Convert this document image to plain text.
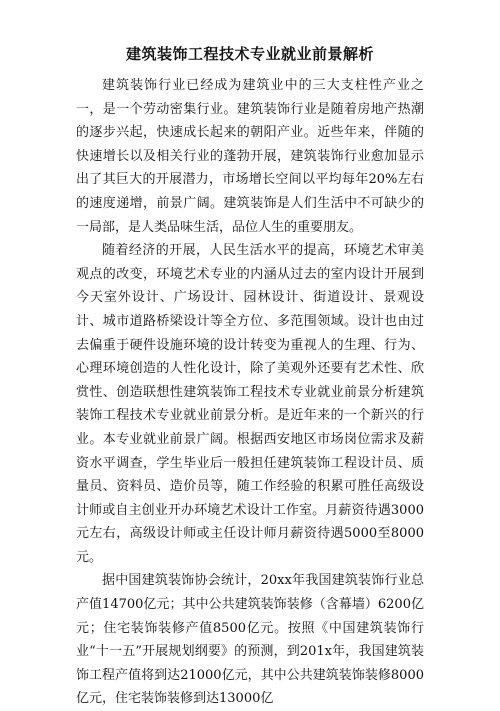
建筑装饰工程技术专业就业前景解析

建筑装饰行业已经成为建筑业中的三大支柱性产业之一，是一个劳动密集行业。建筑装饰行业是随着房地产热潮的逐步兴起，快速成长起来的朝阳产业。近些年来，伴随的快速增长以及相关行业的蓬勃开展，建筑装饰行业愈加显示出了其巨大的开展潜力，市场增长空间以平均每年20%左右的速度递增，前景广阔。建筑装饰是人们生活中不可缺少的一局部，是人类品味生活，品位人生的重要朋友。

随着经济的开展，人民生活水平的提高，环境艺术审美观点的改变，环境艺术专业的内涵从过去的室内设计开展到今天室外设计、广场设计、园林设计、街道设计、景观设计、城市道路桥梁设计等全方位、多范围领域。设计也由过去偏重于硬件设施环境的设计转变为重视人的生理、行为、心理环境创造的人性化设计，除了美观外还要有艺术性、欣赏性、创造联想性建筑装饰工程技术专业就业前景分析建筑装饰工程技术专业就业前景分析。是近年来的一个新兴的行业。本专业就业前景广阔。根据西安地区市场岗位需求及薪资水平调查，学生毕业后一般担任建筑装饰工程设计员、质量员、资料员、造价员等，随工作经验的积累可胜任高级设计师或自主创业开办环境艺术设计工作室。月薪资待遇3000元左右，高级设计师或主任设计师月薪资待遇5000至8000元。

据中国建筑装饰协会统计，20xx年我国建筑装饰行业总产值14700亿元；其中公共建筑装饰装修（含幕墙）6200亿元；住宅装饰装修产值8500亿元。按照《中国建筑装饰行业“十一五”开展规划纲要》的预测，到201x年，我国建筑装饰工程产值将到达21000亿元，其中公共建筑装饰装修8000亿元，住宅装饰装修到达13000亿
